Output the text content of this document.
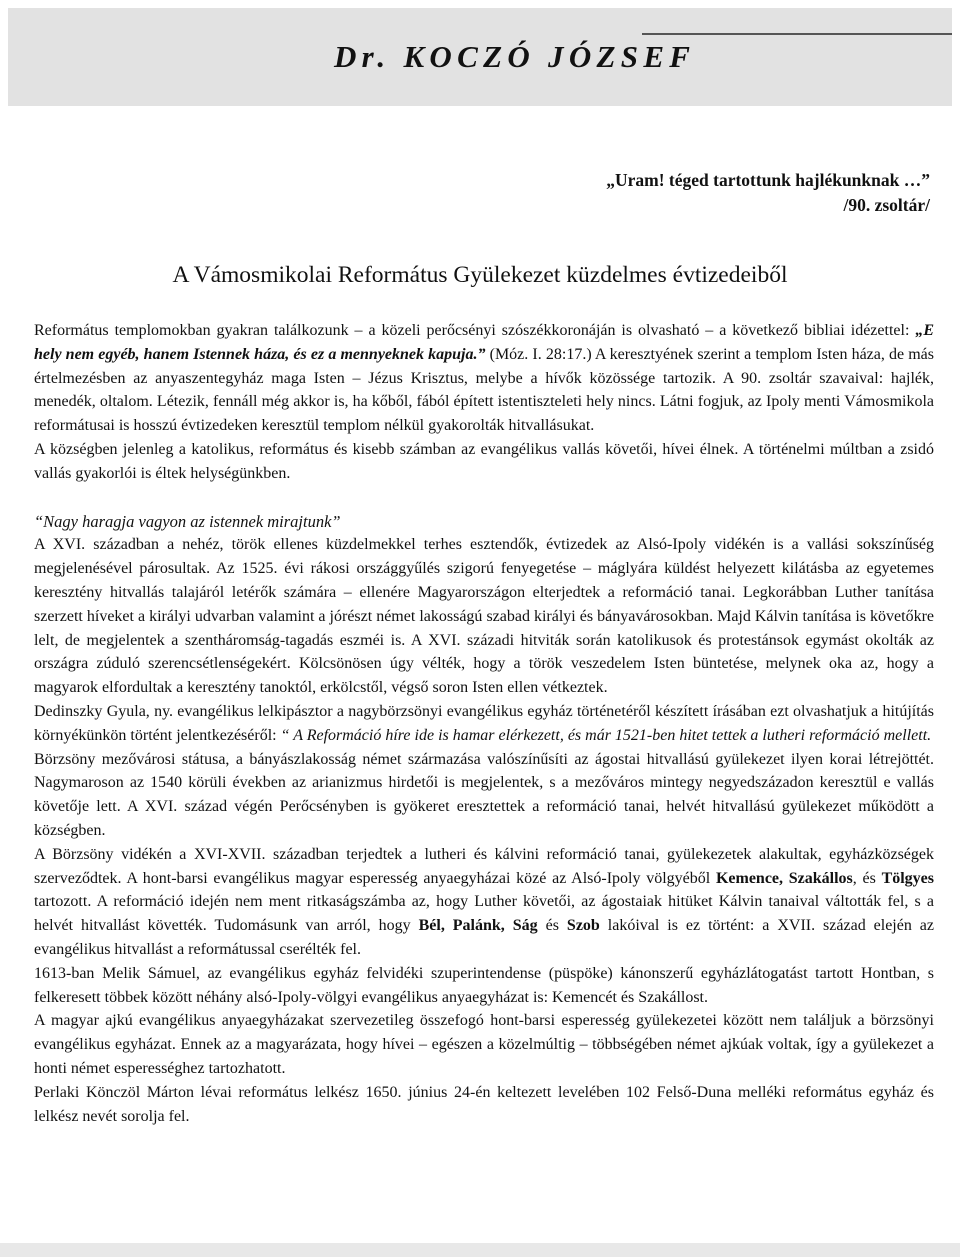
Dr. KOCZÓ JÓZSEF
„Uram! téged tartottunk hajlékunknak …”
/90. zsoltár/
A Vámosmikolai Református Gyülekezet küzdelmes évtizedeiből

Református templomokban gyakran találkozunk – a közeli perőcsényi szószékkoronáján is olvasható – a következő bibliai idézettel: „E hely nem egyéb, hanem Istennek háza, és ez a mennyeknek kapuja.” (Móz. I. 28:17.) A keresztyének szerint a templom Isten háza, de más értelmezésben az anyaszentegyház maga Isten – Jézus Krisztus, melybe a hívők közössége tartozik. A 90. zsoltár szavaival: hajlék, menedék, oltalom. Létezik, fennáll még akkor is, ha kőből, fából épített istentiszteleti hely nincs. Látni fogjuk, az Ipoly menti Vámosmikola reformátusai is hosszú évtizedeken keresztül templom nélkül gyakorolták hitvallásukat.

A községben jelenleg a katolikus, református és kisebb számban az evangélikus vallás követői, hívei élnek. A történelmi múltban a zsidó vallás gyakorlói is éltek helységünkben.

“Nagy haragja vagyon az istennek mirajtunk”

A XVI. században a nehéz, török ellenes küzdelmekkel terhes esztendők, évtizedek az Alsó-Ipoly vidékén is a vallási sokszínűség megjelenésével párosultak. Az 1525. évi rákosi országgyűlés szigorú fenyegetése – máglyára küldést helyezett kilátásba az egyetemes keresztény hitvallás talajáról letérők számára – ellenére Magyarországon elterjedtek a reformáció tanai. Legkorábban Luther tanítása szerzett híveket a királyi udvarban valamint a jórészt német lakosságú szabad királyi és bányavárosokban. Majd Kálvin tanítása is követőkre lelt, de megjelentek a szentháromság-tagadás eszméi is. A XVI. századi hitviták során katolikusok és protestánsok egymást okolták az országra zúduló szerencsétlenségekért. Kölcsönösen úgy vélték, hogy a török veszedelem Isten büntetése, melynek oka az, hogy a magyarok elfordultak a keresztény tanoktól, erkölcstől, végső soron Isten ellen vétkeztek.

Dedinszky Gyula, ny. evangélikus lelkipásztor a nagybörzsönyi evangélikus egyház történetéről készített írásában ezt olvashatjuk a hitújítás környékünkön történt jelentkezéséről: “ A Reformáció híre ide is hamar elérkezett, és már 1521-ben hitet tettek a lutheri reformáció mellett.

Börzsöny mezővárosi státusa, a bányászlakosság német származása valószínűsíti az ágostai hitvallású gyülekezet ilyen korai létrejöttét. Nagymaroson az 1540 körüli években az arianizmus hirdetői is megjelentek, s a mezőváros mintegy negyedszázadon keresztül e vallás követője lett. A XVI. század végén Perőcsényben is gyökeret eresztettek a reformáció tanai, helvét hitvallású gyülekezet működött a községben.

A Börzsöny vidékén a XVI-XVII. században terjedtek a lutheri és kálvini reformáció tanai, gyülekezetek alakultak, egyházközségek szerveződtek. A hont-barsi evangélikus magyar esperesség anyaegyházai közé az Alsó-Ipoly völgyéből Kemence, Szakállos, és Tölgyes tartozott. A reformáció idején nem ment ritkaságszámba az, hogy Luther követői, az ágostaiak hitüket Kálvin tanaival váltották fel, s a helvét hitvallást követték. Tudomásunk van arról, hogy Bél, Palánk, Ság és Szob lakóival is ez történt: a XVII. század elején az evangélikus hitvallást a reformátussal cserélték fel.

1613-ban Melik Sámuel, az evangélikus egyház felvidéki szuperintendense (püspöke) kánonszerű egyházlátogatást tartott Hontban, s felkeresett többek között néhány alsó-Ipoly-völgyi evangélikus anyaegyházat is: Kemencét és Szakállost.

A magyar ajkú evangélikus anyaegyházakat szervezetileg összefogó hont-barsi esperesség gyülekezetei között nem találjuk a börzsönyi evangélikus egyházat. Ennek az a magyarázata, hogy hívei – egészen a közelmúltig – többségében német ajkúak voltak, így a gyülekezet a honti német esperességhez tartozhatott.

Perlaki Könczöl Márton lévai református lelkész 1650. június 24-én keltezett levelében 102 Felső-Duna melléki református egyház és lelkész nevét sorolja fel.
